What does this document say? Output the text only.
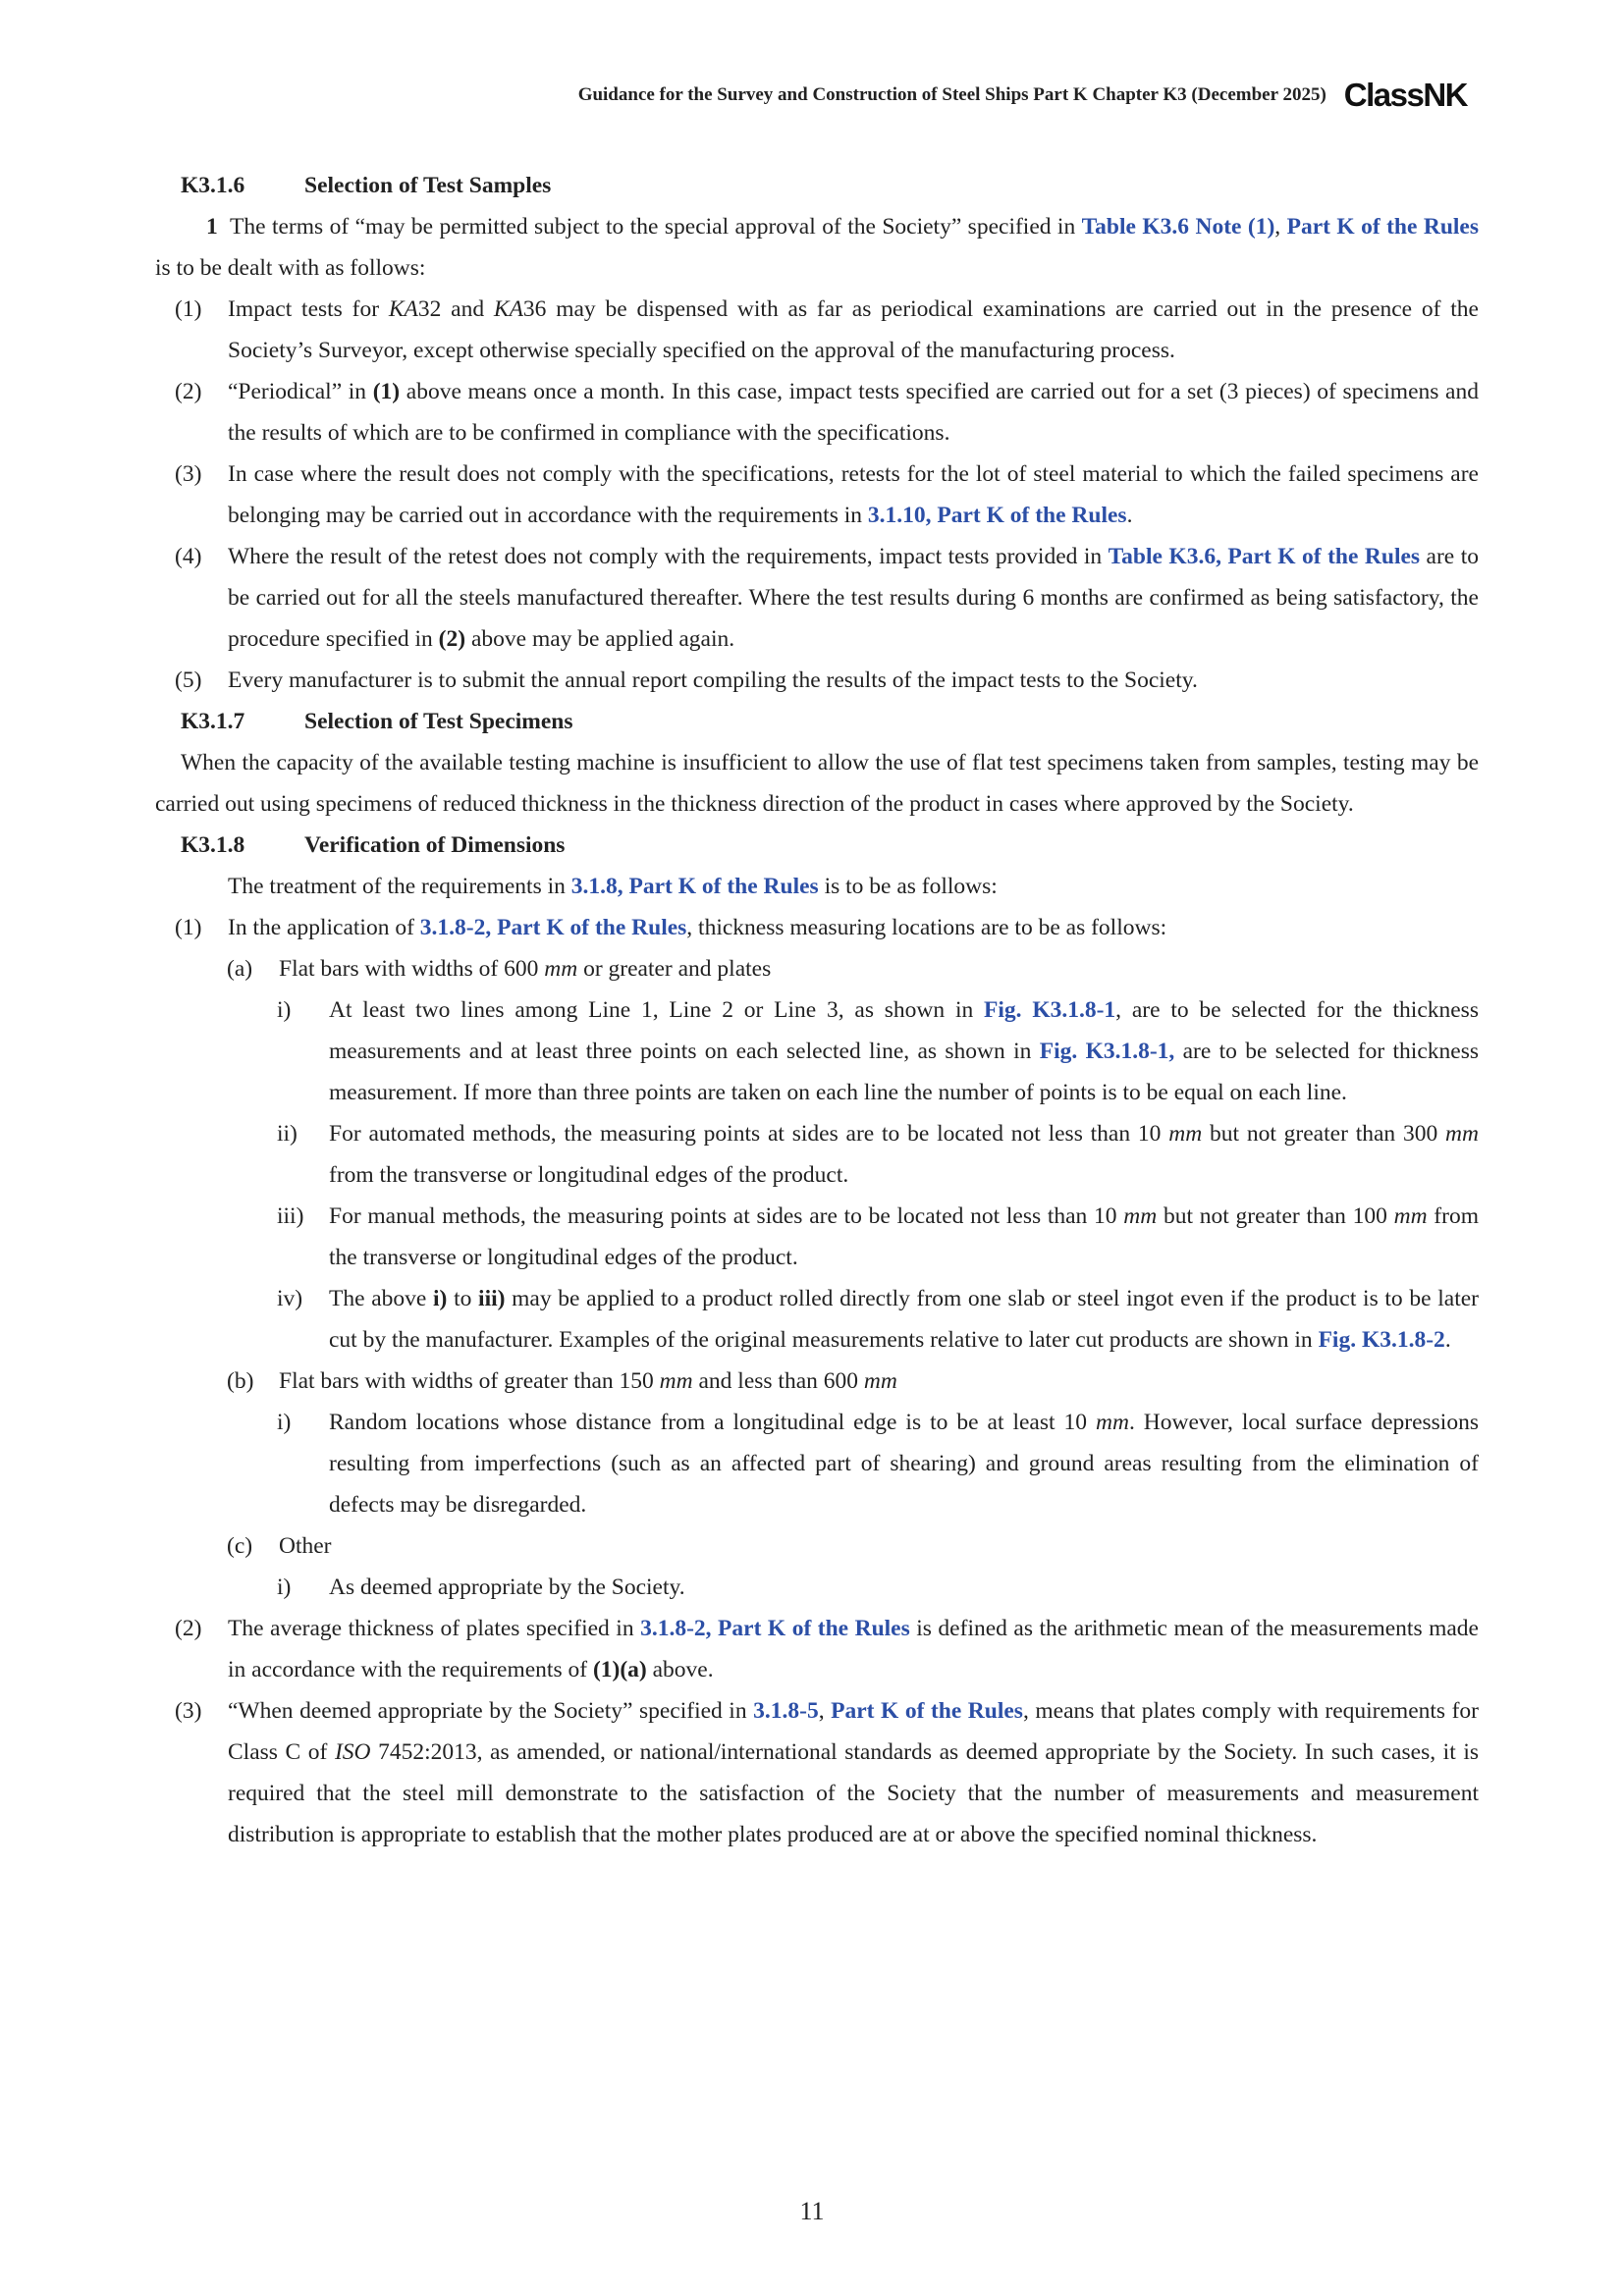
Guidance for the Survey and Construction of Steel Ships Part K Chapter K3 (December 2025) ClassNK
K3.1.6	Selection of Test Samples
1 The terms of “may be permitted subject to the special approval of the Society” specified in Table K3.6 Note (1), Part K of the Rules is to be dealt with as follows:
(1) Impact tests for KA32 and KA36 may be dispensed with as far as periodical examinations are carried out in the presence of the Society’s Surveyor, except otherwise specially specified on the approval of the manufacturing process.
(2) “Periodical” in (1) above means once a month. In this case, impact tests specified are carried out for a set (3 pieces) of specimens and the results of which are to be confirmed in compliance with the specifications.
(3) In case where the result does not comply with the specifications, retests for the lot of steel material to which the failed specimens are belonging may be carried out in accordance with the requirements in 3.1.10, Part K of the Rules.
(4) Where the result of the retest does not comply with the requirements, impact tests provided in Table K3.6, Part K of the Rules are to be carried out for all the steels manufactured thereafter. Where the test results during 6 months are confirmed as being satisfactory, the procedure specified in (2) above may be applied again.
(5) Every manufacturer is to submit the annual report compiling the results of the impact tests to the Society.
K3.1.7	Selection of Test Specimens
When the capacity of the available testing machine is insufficient to allow the use of flat test specimens taken from samples, testing may be carried out using specimens of reduced thickness in the thickness direction of the product in cases where approved by the Society.
K3.1.8	Verification of Dimensions
The treatment of the requirements in 3.1.8, Part K of the Rules is to be as follows:
(1) In the application of 3.1.8-2, Part K of the Rules, thickness measuring locations are to be as follows:
(a) Flat bars with widths of 600 mm or greater and plates
i) At least two lines among Line 1, Line 2 or Line 3, as shown in Fig. K3.1.8-1, are to be selected for the thickness measurements and at least three points on each selected line, as shown in Fig. K3.1.8-1, are to be selected for thickness measurement. If more than three points are taken on each line the number of points is to be equal on each line.
ii) For automated methods, the measuring points at sides are to be located not less than 10 mm but not greater than 300 mm from the transverse or longitudinal edges of the product.
iii) For manual methods, the measuring points at sides are to be located not less than 10 mm but not greater than 100 mm from the transverse or longitudinal edges of the product.
iv) The above i) to iii) may be applied to a product rolled directly from one slab or steel ingot even if the product is to be later cut by the manufacturer. Examples of the original measurements relative to later cut products are shown in Fig. K3.1.8-2.
(b) Flat bars with widths of greater than 150 mm and less than 600 mm
i) Random locations whose distance from a longitudinal edge is to be at least 10 mm. However, local surface depressions resulting from imperfections (such as an affected part of shearing) and ground areas resulting from the elimination of defects may be disregarded.
(c) Other
i) As deemed appropriate by the Society.
(2) The average thickness of plates specified in 3.1.8-2, Part K of the Rules is defined as the arithmetic mean of the measurements made in accordance with the requirements of (1)(a) above.
(3) “When deemed appropriate by the Society” specified in 3.1.8-5, Part K of the Rules, means that plates comply with requirements for Class C of ISO 7452:2013, as amended, or national/international standards as deemed appropriate by the Society. In such cases, it is required that the steel mill demonstrate to the satisfaction of the Society that the number of measurements and measurement distribution is appropriate to establish that the mother plates produced are at or above the specified nominal thickness.
11
